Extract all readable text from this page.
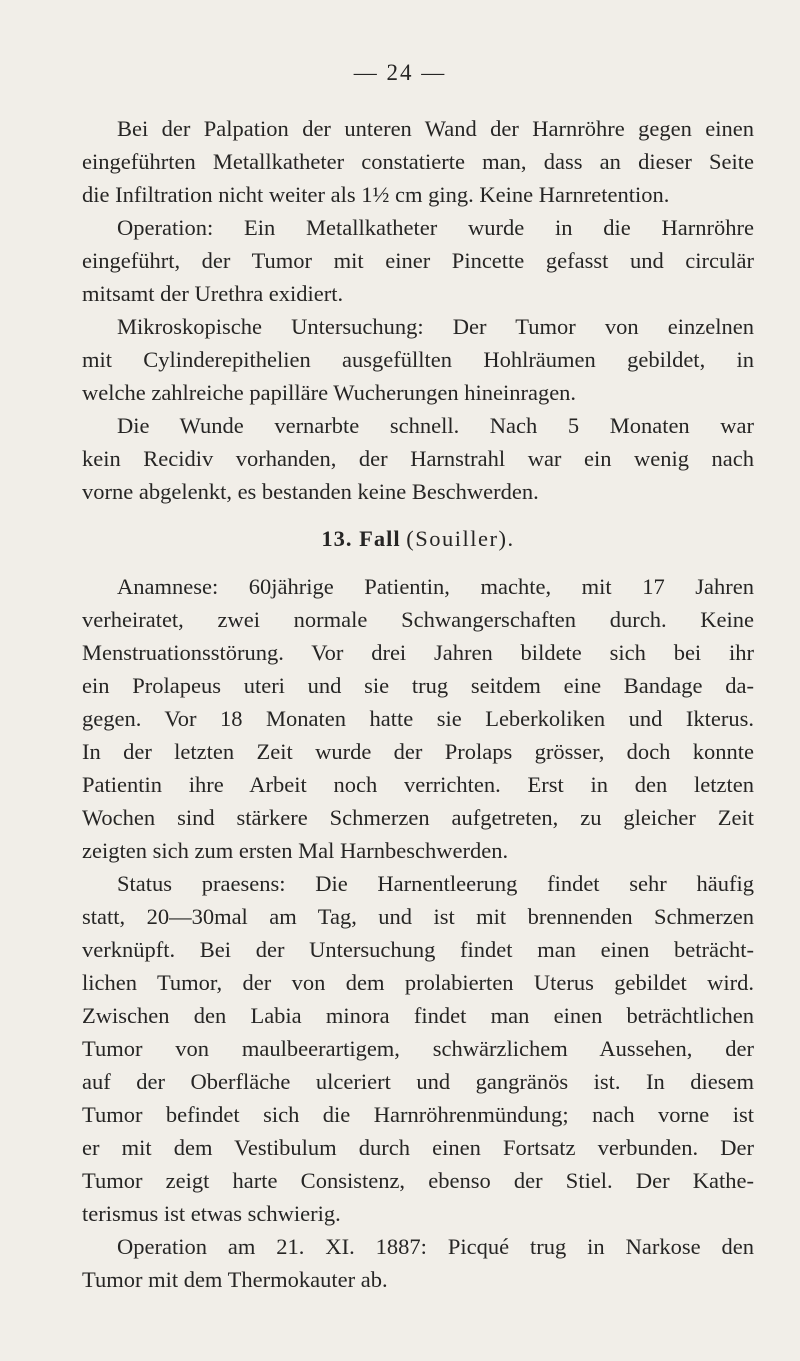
— 24 —
Bei der Palpation der unteren Wand der Harnröhre gegen einen
eingeführten Metallkatheter constatierte man, dass an dieser Seite
die Infiltration nicht weiter als 1½ cm ging. Keine Harnretention.
Operation: Ein Metallkatheter wurde in die Harnröhre
eingeführt, der Tumor mit einer Pincette gefasst und circulär
mitsamt der Urethra exidiert.
Mikroskopische Untersuchung: Der Tumor von einzelnen
mit Cylinderepithelien ausgefüllten Hohlräumen gebildet, in
welche zahlreiche papilläre Wucherungen hineinragen.
Die Wunde vernarbte schnell. Nach 5 Monaten war
kein Recidiv vorhanden, der Harnstrahl war ein wenig nach
vorne abgelenkt, es bestanden keine Beschwerden.
13. Fall (Souiller).
Anamnese: 60jährige Patientin, machte, mit 17 Jahren
verheiratet, zwei normale Schwangerschaften durch. Keine
Menstruationsstörung. Vor drei Jahren bildete sich bei ihr
ein Prolapeus uteri und sie trug seitdem eine Bandage da-
gegen. Vor 18 Monaten hatte sie Leberkoliken und Ikterus.
In der letzten Zeit wurde der Prolaps grösser, doch konnte
Patientin ihre Arbeit noch verrichten. Erst in den letzten
Wochen sind stärkere Schmerzen aufgetreten, zu gleicher Zeit
zeigten sich zum ersten Mal Harnbeschwerden.
Status praesens: Die Harnentleerung findet sehr häufig
statt, 20—30mal am Tag, und ist mit brennenden Schmerzen
verknüpft. Bei der Untersuchung findet man einen beträcht-
lichen Tumor, der von dem prolabierten Uterus gebildet wird.
Zwischen den Labia minora findet man einen beträchtlichen
Tumor von maulbeerartigem, schwärzlichem Aussehen, der
auf der Oberfläche ulceriert und gangränös ist. In diesem
Tumor befindet sich die Harnröhrenmündung; nach vorne ist
er mit dem Vestibulum durch einen Fortsatz verbunden. Der
Tumor zeigt harte Consistenz, ebenso der Stiel. Der Kathe-
terismus ist etwas schwierig.
Operation am 21. XI. 1887: Picqué trug in Narkose den
Tumor mit dem Thermokauter ab.
